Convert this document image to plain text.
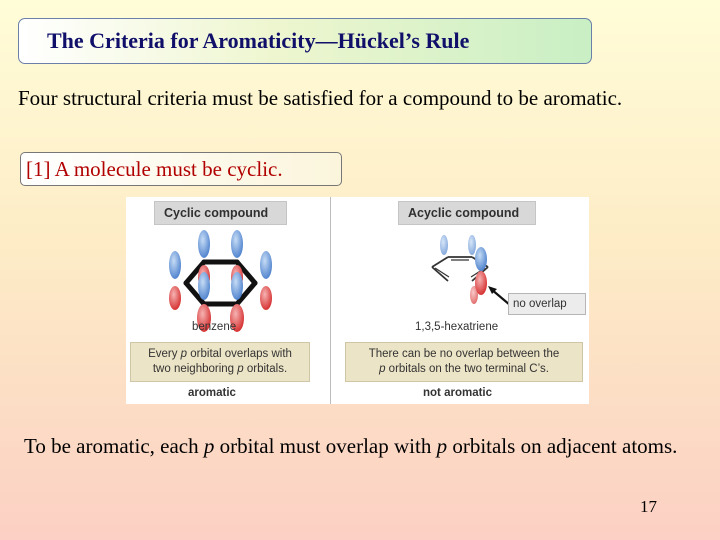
The Criteria for Aromaticity—Hückel’s Rule
Four structural criteria must be satisfied for a compound to be aromatic.
[1] A molecule must be cyclic.
Cyclic compound
benzene
Every p orbital overlaps with
two neighboring p orbitals.
aromatic
Acyclic compound
no overlap
1,3,5-hexatriene
There can be no overlap between the
p orbitals on the two terminal C’s.
not aromatic
To be aromatic, each p orbital must overlap with p orbitals on adjacent atoms.
17
